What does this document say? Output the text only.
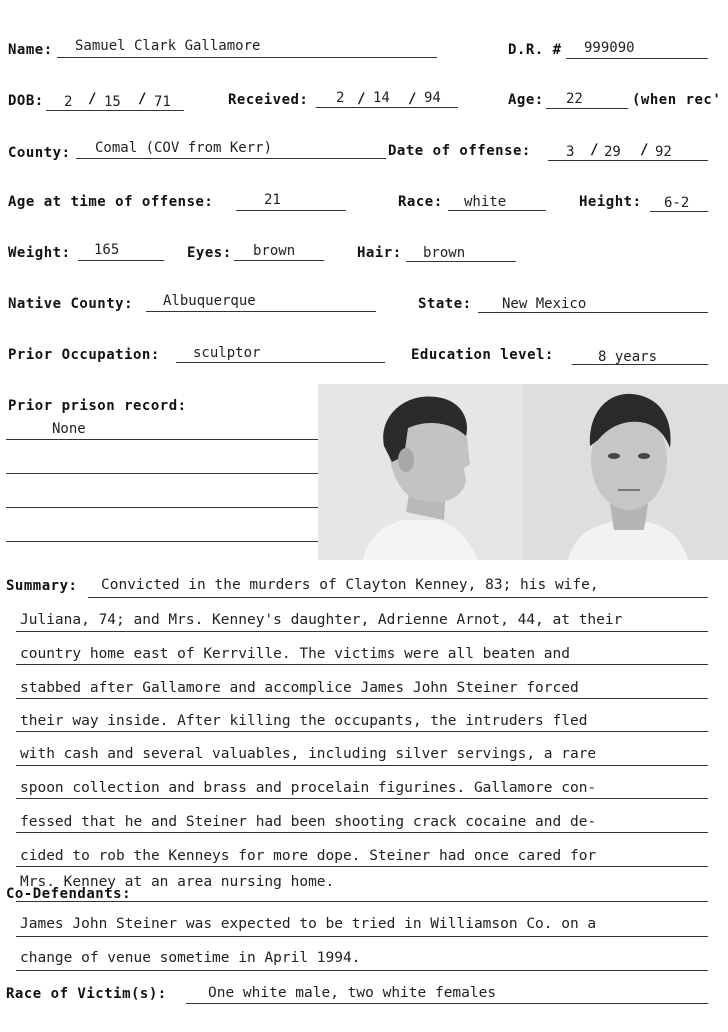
Name: Samuel Clark Gallamore	D.R. # 999090
DOB: 2 / 15 / 71	Received: 2 / 14 / 94	Age: 22	(when rec'
County: Comal (COV from Kerr)	Date of offense:	3 / 29 / 92
Age at time of offense:	21	Race: white	Height: 6-2
Weight: 165	Eyes: brown	Hair: brown
Native County: Albuquerque	State: New Mexico
Prior Occupation: sculptor	Education level:	8 years
Prior prison record:
None
Summary: Convicted in the murders of Clayton Kenney, 83; his wife,
Juliana, 74; and Mrs. Kenney's daughter, Adrienne Arnot, 44, at their
country home east of Kerrville. The victims were all beaten and
stabbed after Gallamore and accomplice James John Steiner forced
their way inside. After killing the occupants, the intruders fled
with cash and several valuables, including silver servings, a rare
spoon collection and brass and procelain figurines. Gallamore con-
fessed that he and Steiner had been shooting crack cocaine and de-
cided to rob the Kenneys for more dope. Steiner had once cared for
Mrs. Kenney at an area nursing home.
Co-Defendants:
James John Steiner was expected to be tried in Williamson Co. on a
change of venue sometime in April 1994.
Race of Victim(s):	One white male, two white females
